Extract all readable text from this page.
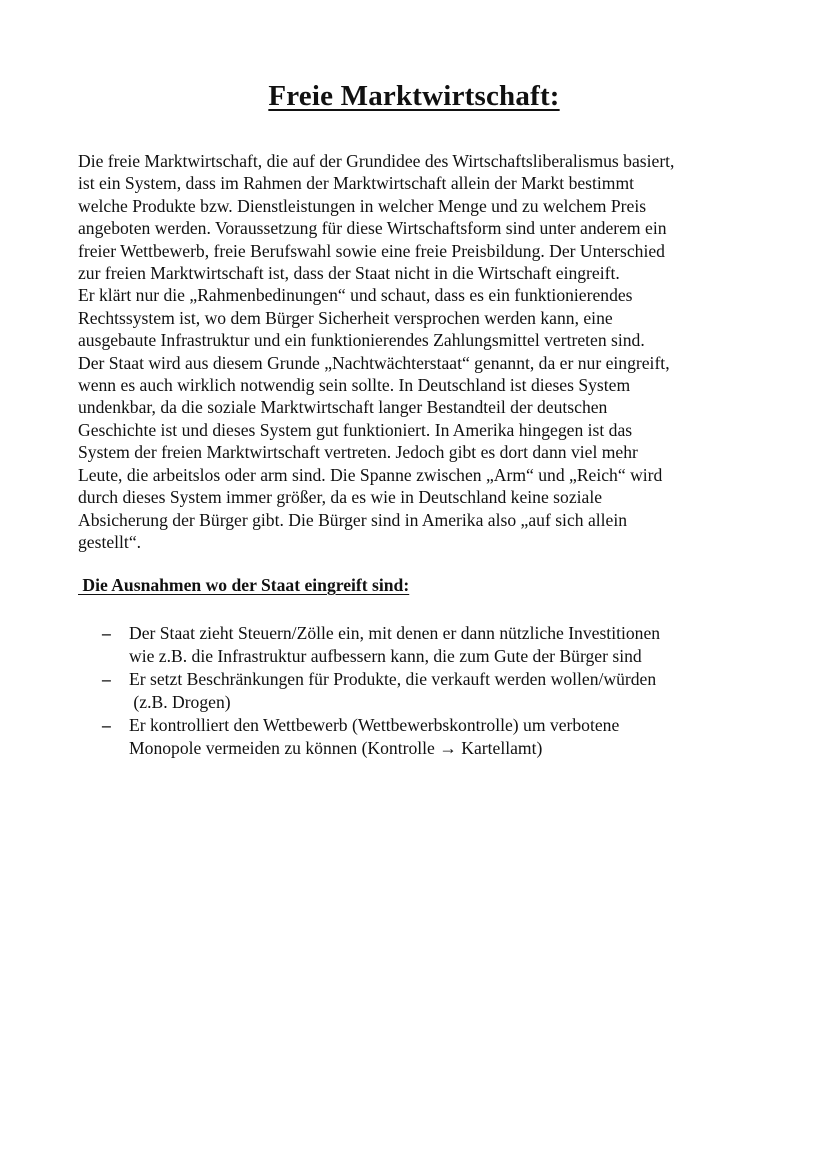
Freie Marktwirtschaft:

Die freie Marktwirtschaft, die auf der Grundidee des Wirtschaftsliberalismus basiert,
ist ein System, dass im Rahmen der Marktwirtschaft allein der Markt bestimmt
welche Produkte bzw. Dienstleistungen in welcher Menge und zu welchem Preis
angeboten werden. Voraussetzung für diese Wirtschaftsform sind unter anderem ein
freier Wettbewerb, freie Berufswahl sowie eine freie Preisbildung. Der Unterschied
zur freien Marktwirtschaft ist, dass der Staat nicht in die Wirtschaft eingreift.
Er klärt nur die „Rahmenbedinungen“ und schaut, dass es ein funktionierendes
Rechtssystem ist, wo dem Bürger Sicherheit versprochen werden kann, eine
ausgebaute Infrastruktur und ein funktionierendes Zahlungsmittel vertreten sind.
Der Staat wird aus diesem Grunde „Nachtwächterstaat“ genannt, da er nur eingreift,
wenn es auch wirklich notwendig sein sollte. In Deutschland ist dieses System
undenkbar, da die soziale Marktwirtschaft langer Bestandteil der deutschen
Geschichte ist und dieses System gut funktioniert. In Amerika hingegen ist das
System der freien Marktwirtschaft vertreten. Jedoch gibt es dort dann viel mehr
Leute, die arbeitslos oder arm sind. Die Spanne zwischen „Arm“ und „Reich“ wird
durch dieses System immer größer, da es wie in Deutschland keine soziale
Absicherung der Bürger gibt. Die Bürger sind in Amerika also „auf sich allein
gestellt“.

Die Ausnahmen wo der Staat eingreift sind:
– Der Staat zieht Steuern/Zölle ein, mit denen er dann nützliche Investitionen
wie z.B. die Infrastruktur aufbessern kann, die zum Gute der Bürger sind
– Er setzt Beschränkungen für Produkte, die verkauft werden wollen/würden
(z.B. Drogen)
– Er kontrolliert den Wettbewerb (Wettbewerbskontrolle) um verbotene
Monopole vermeiden zu können (Kontrolle → Kartellamt)
